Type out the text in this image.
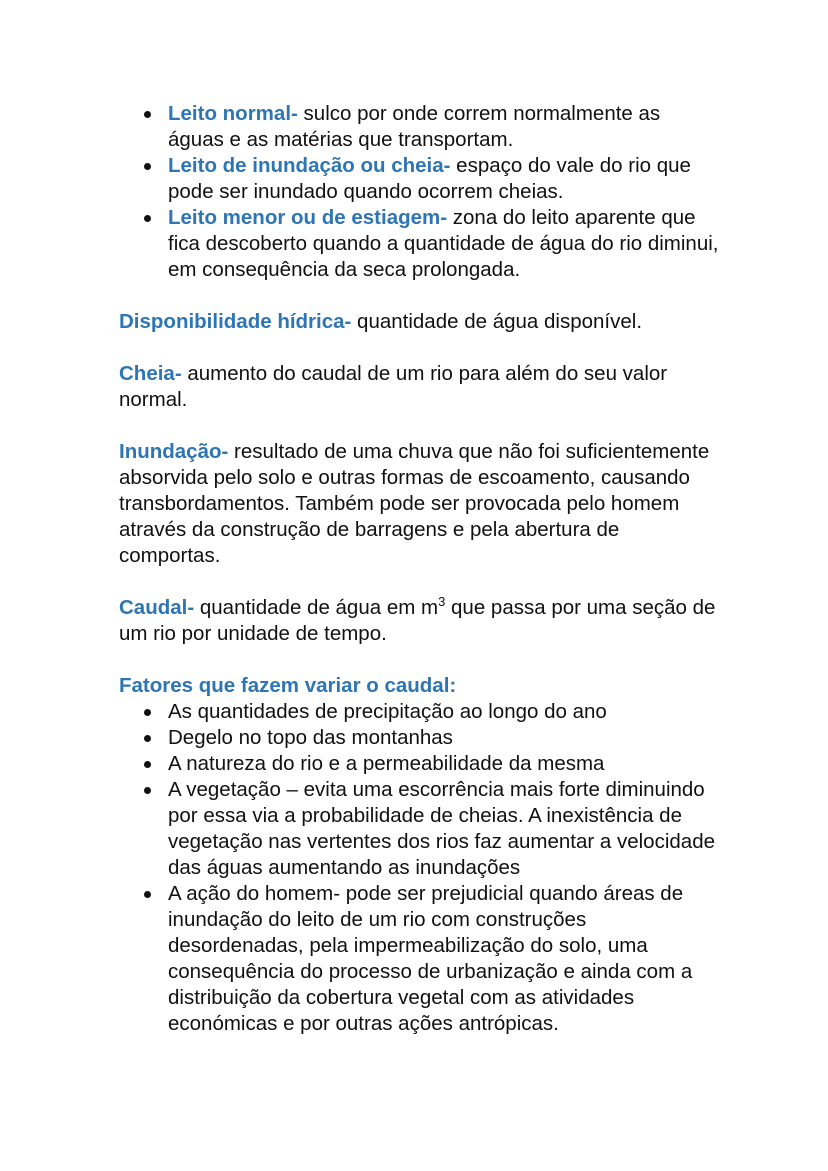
Leito normal- sulco por onde correm normalmente as águas e as matérias que transportam.
Leito de inundação ou cheia- espaço do vale do rio que pode ser inundado quando ocorrem cheias.
Leito menor ou de estiagem- zona do leito aparente que fica descoberto quando a quantidade de água do rio diminui, em consequência da seca prolongada.

Disponibilidade hídrica- quantidade de água disponível.

Cheia- aumento do caudal de um rio para além do seu valor normal.

Inundação- resultado de uma chuva que não foi suficientemente absorvida pelo solo e outras formas de escoamento, causando transbordamentos. Também pode ser provocada pelo homem através da construção de barragens e pela abertura de comportas.

Caudal- quantidade de água em $m^3$ que passa por uma seção de um rio por unidade de tempo.

Fatores que fazem variar o caudal:

As quantidades de precipitação ao longo do ano
Degelo no topo das montanhas
A natureza do rio e a permeabilidade da mesma
A vegetação – evita uma escorrência mais forte diminuindo por essa via a probabilidade de cheias. A inexistência de vegetação nas vertentes dos rios faz aumentar a velocidade das águas aumentando as inundações
A ação do homem- pode ser prejudicial quando áreas de inundação do leito de um rio com construções desordenadas, pela impermeabilização do solo, uma consequência do processo de urbanização e ainda com a distribuição da cobertura vegetal com as atividades económicas e por outras ações antrópicas.
